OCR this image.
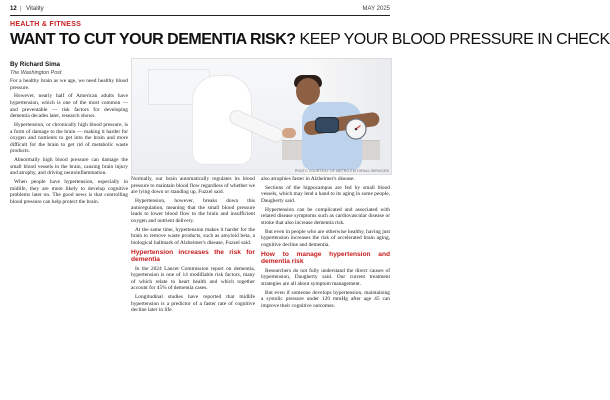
12 | Vitality	MAY 2025
HEALTH & FITNESS
WANT TO CUT YOUR DEMENTIA RISK? KEEP YOUR BLOOD PRESSURE IN CHECK
By Richard Sima
The Washington Post
PHOTO COURTESY OF METRO EDITORIAL SERVICES

For a healthy brain as we age, we need healthy blood pressure.

However, nearly half of American adults have hypertension, which is one of the most common — and preventable — risk factors for developing dementia decades later, research shows.

Hypertension, or chronically high blood pressure, is a form of damage to the brain — making it harder for oxygen and nutrients to get into the brain and more difficult for the brain to get rid of metabolic waste products.

Abnormally high blood pressure can damage the small blood vessels in the brain, causing brain injury and atrophy, and driving neuroinflammation.

When people have hypertension, especially in midlife, they are more likely to develop cognitive problems later on. The good news is that controlling blood pressure can help protect the brain.

Normally, our brain automatically regulates its blood pressure to maintain blood flow regardless of whether we are lying down or standing up, Fuzzel said.

Hypertension, however, breaks down this autoregulation, meaning that the small blood pressure leads to lower blood flow to the brain and insufficient oxygen and nutrient delivery.

At the same time, hypertension makes it harder for the brain to remove waste products, such as amyloid beta, a biological hallmark of Alzheimer's disease, Fuzzel said.

Hypertension increases the risk for dementia

In the 2024 Lancet Commission report on dementia, hypertension is one of 14 modifiable risk factors, many of which relate to heart health and which together account for 45% of dementia cases.

Longitudinal studies have reported that midlife hypertension is a predictor of a faster rate of cognitive decline later in life.

also atrophies faster in Alzheimer's disease.

Sections of the hippocampus are fed by small blood vessels, which may lend a hand to its aging in some people, Daugherty said.

Hypertension can be complicated and associated with related disease symptoms such as cardiovascular disease or stroke that also increase dementia risk.

But even in people who are otherwise healthy, having just hypertension increases the risk of accelerated brain aging, cognitive decline and dementia.

How to manage hypertension and dementia risk

Researchers do not fully understand the direct causes of hypertension, Daugherty said. Our current treatment strategies are all about symptom management.

But even if someone develops hypertension, maintaining a systolic pressure under 120 mmHg after age 45 can improve their cognitive outcomes.
